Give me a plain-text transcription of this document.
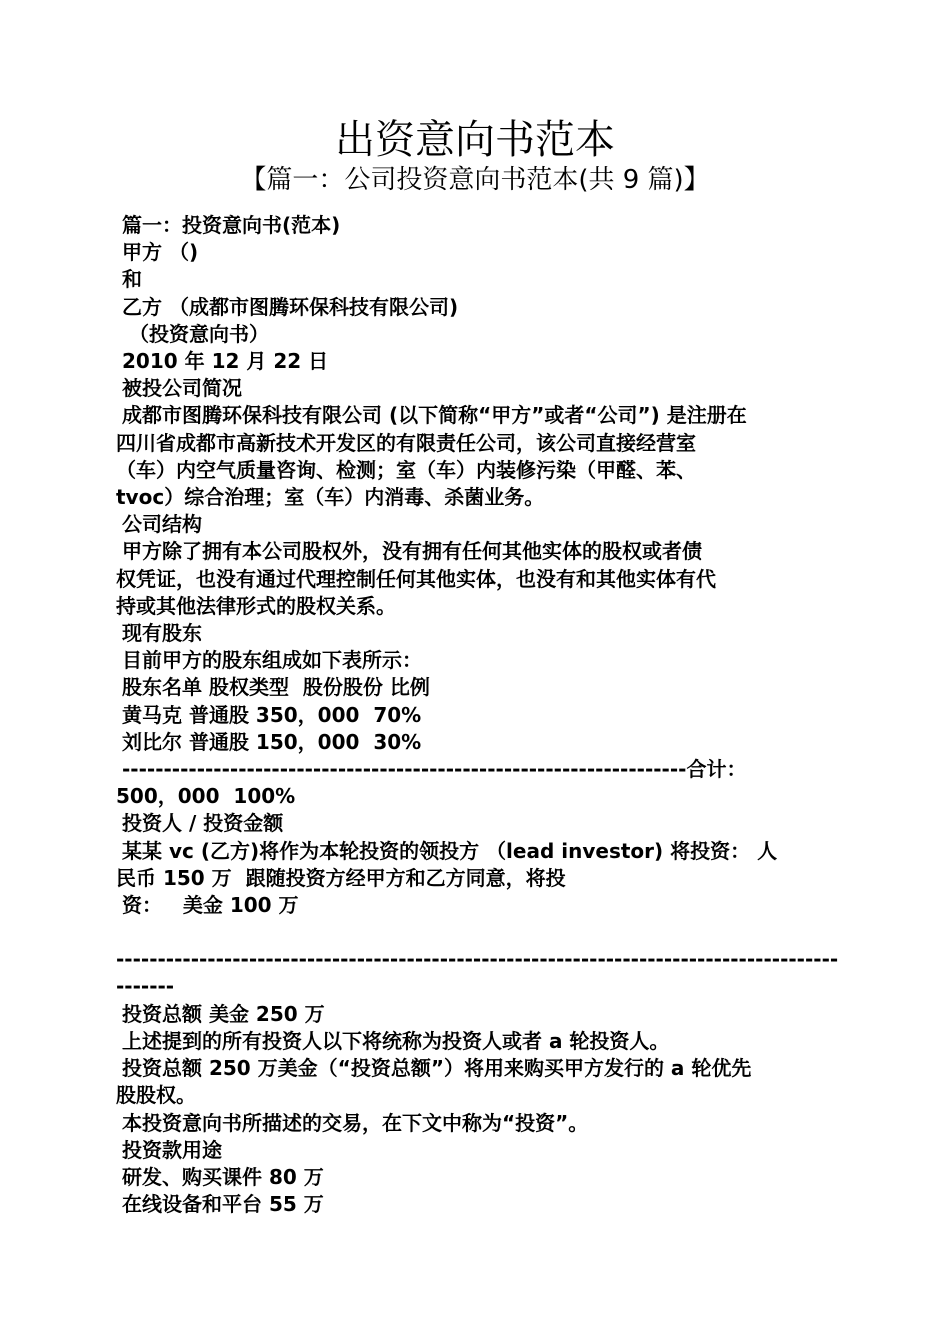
出资意向书范本
【篇一：公司投资意向书范本(共 9 篇)】
篇一：投资意向书(范本)
甲方 （)
和
乙方 （成都市图腾环保科技有限公司)
（投资意向书）
2010 年 12 月 22 日
被投公司简况
成都市图腾环保科技有限公司 (以下简称“甲方”或者“公司”) 是注册在
四川省成都市高新技术开发区的有限责任公司，该公司直接经营室
（车）内空气质量咨询、检测；室（车）内装修污染（甲醛、苯、
tvoc）综合治理；室（车）内消毒、杀菌业务。
公司结构
甲方除了拥有本公司股权外，没有拥有任何其他实体的股权或者债
权凭证，也没有通过代理控制任何其他实体，也没有和其他实体有代
持或其他法律形式的股权关系。
现有股东
目前甲方的股东组成如下表所示：
股东名单 股权类型  股份股份 比例
黄马克 普通股 350，000  70%
刘比尔 普通股 150，000  30%
--------------------------------------------------------------------合计：
500，000  100%
投资人 / 投资金额
某某 vc (乙方)将作为本轮投资的领投方 （lead investor) 将投资： 人
民币 150 万  跟随投资方经甲方和乙方同意，将投
资：   美金 100 万
---------------------------------------------------------------------------------------
-------
投资总额 美金 250 万
上述提到的所有投资人以下将统称为投资人或者 a 轮投资人。
投资总额 250 万美金（“投资总额”）将用来购买甲方发行的 a 轮优先
股股权。
本投资意向书所描述的交易，在下文中称为“投资”。
投资款用途
研发、购买课件 80 万
在线设备和平台 55 万
